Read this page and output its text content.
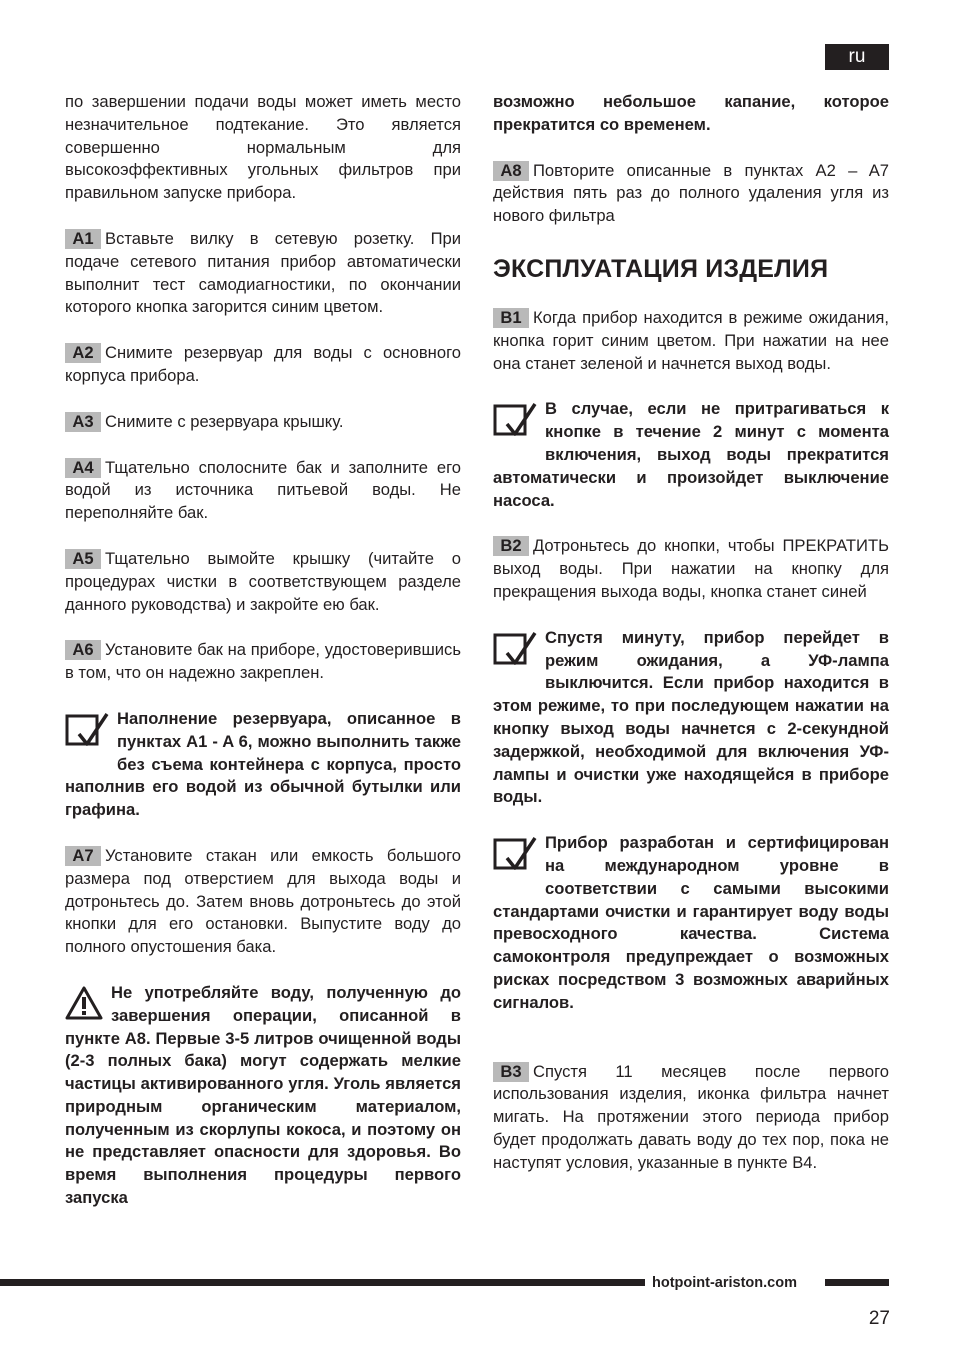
ru

по завершении подачи воды может иметь место незначительное подтекание. Это является совершенно нормальным для высокоэффективных угольных фильтров при правильном запуске прибора.

A1 Вставьте вилку в сетевую розетку. При подаче сетевого питания прибор автоматически выполнит тест самодиагностики, по окончании которого кнопка загорится синим цветом.

A2 Снимите резервуар для воды с основного корпуса прибора.

A3 Снимите с резервуара крышку.

A4 Тщательно сполосните бак и заполните его водой из источника питьевой воды. Не переполняйте бак.

A5 Тщательно вымойте крышку (читайте о процедурах чистки в соответствующем разделе данного руководства) и закройте ею бак.

A6 Установите бак на приборе, удостоверившись в том, что он надежно закреплен.

Наполнение резервуара, описанное в пунктах A1 - A 6, можно выполнить также без съема контейнера с корпуса, просто наполнив его водой из обычной бутылки или графина.

A7 Установите стакан или емкость большого размера под отверстием для выхода воды и дотроньтесь до. Затем вновь дотроньтесь до этой кнопки для его остановки. Выпустите воду до полного опустошения бака.

Не употребляйте воду, полученную до завершения операции, описанной в пункте A8. Первые 3-5 литров очищенной воды (2-3 полных бака) могут содержать мелкие частицы активированного угля. Уголь является природным органическим материалом, полученным из скорлупы кокоса, и поэтому он не представляет опасности для здоровья. Во время выполнения процедуры первого запуска

возможно небольшое капание, которое прекратится со временем.

A8 Повторите описанные в пунктах A2 – A7 действия пять раз до полного удаления угля из нового фильтра

ЭКСПЛУАТАЦИЯ ИЗДЕЛИЯ

B1 Когда прибор находится в режиме ожидания, кнопка горит синим цветом. При нажатии на нее она станет зеленой и начнется выход воды.

В случае, если не притрагиваться к кнопке в течение 2 минут с момента включения, выход воды прекратится автоматически и произойдет выключение насоса.

B2 Дотроньтесь до кнопки, чтобы ПРЕКРАТИТЬ выход воды. При нажатии на кнопку для прекращения выхода воды, кнопка станет синей

Спустя минуту, прибор перейдет в режим ожидания, а УФ-лампа выключится. Если прибор находится в этом режиме, то при последующем нажатии на кнопку выход воды начнется с 2-секундной задержкой, необходимой для включения УФ-лампы и очистки уже находящейся в приборе воды.

Прибор разработан и сертифицирован на международном уровне в соответствии с самыми высокими стандартами очистки и гарантирует воду воды превосходного качества. Система самоконтроля предупреждает о возможных рисках посредством 3 возможных аварийных сигналов.

B3 Спустя 11 месяцев после первого использования изделия, иконка фильтра начнет мигать. На протяжении этого периода прибор будет продолжать давать воду до тех пор, пока не наступят условия, указанные в пункте B4.

hotpoint-ariston.com
27
